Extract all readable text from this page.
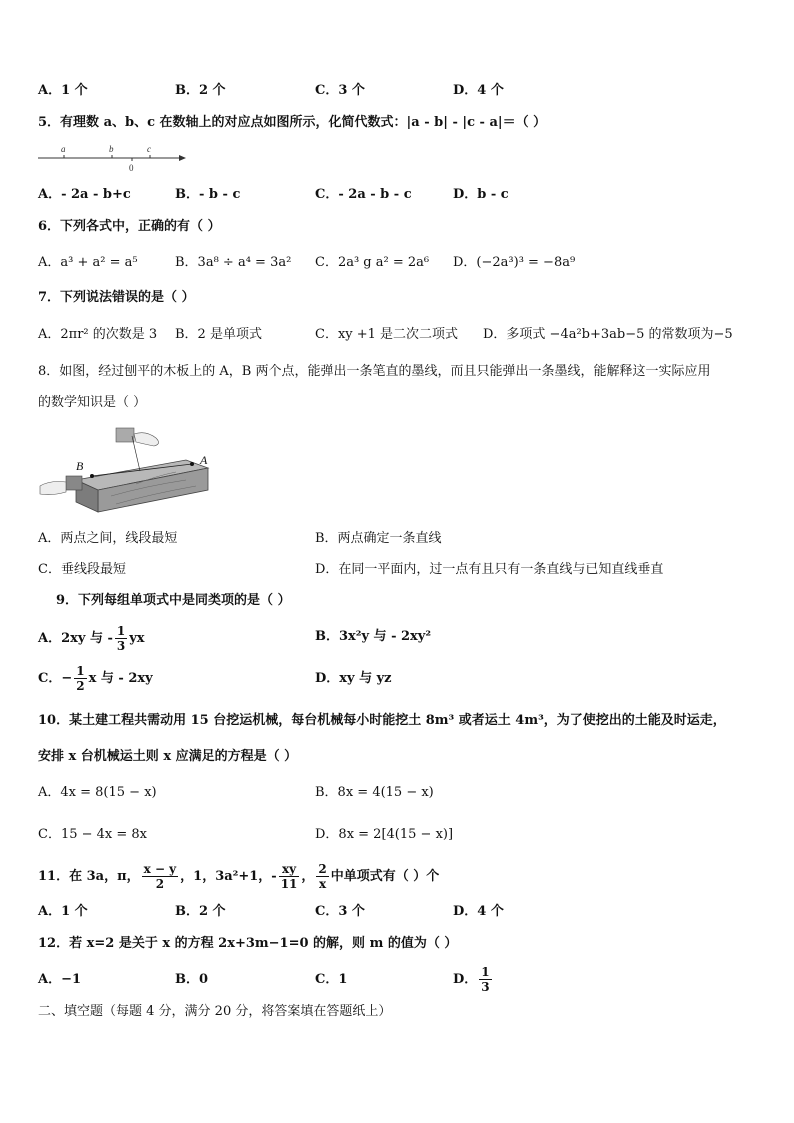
A．1 个	B．2 个	C．3 个	D．4 个
5．有理数 a、b、c 在数轴上的对应点如图所示，化简代数式：|a - b| - |c - a|＝（ ）
a	b
0
c
A．- 2a - b+c	B．- b - c	C．- 2a - b - c	D．b - c
6．下列各式中，正确的有（ ）
A．a³ + a² = a⁵	B．3a⁸ ÷ a⁴ = 3a² C．2a³ g a² = 2a⁶ D．(−2a³)³ = −8a⁹
7．下列说法错误的是（ ）
A．2πr² 的次数是 3 B．2 是单项式	C．xy +1 是二次二项式 D．多项式 −4a²b+3ab−5 的常数项为−5
8．如图，经过刨平的木板上的 A，B 两个点，能弹出一条笔直的墨线，而且只能弹出一条墨线，能解释这一实际应用
的数学知识是（ ）
B	A
A．两点之间，线段最短	B．两点确定一条直线
C．垂线段最短	D．在同一平面内，过一点有且只有一条直线与已知直线垂直
9．下列每组单项式中是同类项的是（ ）
A．2xy 与 - $\frac{1}{3}$ yx	B．3x²y 与 - 2xy²
C．− $\frac{1}{2}$ x 与 - 2xy	D．xy 与 yz
10．某土建工程共需动用 15 台挖运机械，每台机械每小时能挖土 8m³ 或者运土 4m³，为了使挖出的土能及时运走，
安排 x 台机械运土则 x 应满足的方程是（ ）
A．4x = 8(15 − x)	B．8x = 4(15 − x)
C．15 − 4x = 8x	D．8x = 2[4(15 − x)]
11．在 3a，π， $\frac{x - y}{2}$ ，1，3a²+1，- $\frac{xy}{11}$ ， $\frac{2}{x}$ 中单项式有（ ）个
A．1 个	B．2 个	C．3 个	D．4 个
12．若 x=2 是关于 x 的方程 2x+3m−1=0 的解，则 m 的值为（ ）
A．−1	B．0	C．1	D． $\frac{1}{3}$
二、填空题（每题 4 分，满分 20 分，将答案填在答题纸上）
